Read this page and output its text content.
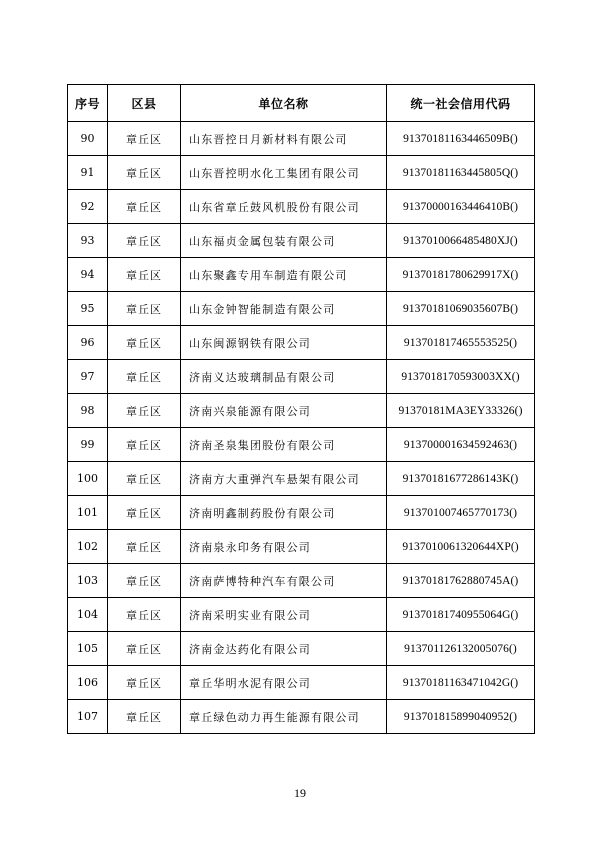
序号	区县	单位名称	统一社会信用代码
90	章丘区	山东晋控日月新材料有限公司	91370181163446509B()
91	章丘区	山东晋控明水化工集团有限公司	91370181163445805Q()
92	章丘区	山东省章丘鼓风机股份有限公司	91370000163446410B()
93	章丘区	山东福贞金属包装有限公司	9137010066485480XJ()
94	章丘区	山东聚鑫专用车制造有限公司	9137018178062991​7X()
95	章丘区	山东金钟智能制造有限公司	91370181069035607B()
96	章丘区	山东闽源钢铁有限公司	913701817465553525()
97	章丘区	济南义达玻璃制品有限公司	913701817059300​3XX()
98	章丘区	济南兴泉能源有限公司	91370181MA3EY33326()
99	章丘区	济南圣泉集团股份有限公司	913700001634592463()
100	章丘区	济南方大重弹汽车悬架有限公司	91370181677286143K()
101	章丘区	济南明鑫制药股份有限公司	913701007465770173()
102	章丘区	济南泉永印务有限公司	9137010061320644XP()
103	章丘区	济南萨博特种汽车有限公司	91370181762880745A()
104	章丘区	济南采明实业有限公司	91370181740955064G()
105	章丘区	济南金达药化有限公司	913701126132005076()
106	章丘区	章丘华明水泥有限公司	91370181163471042G()
107	章丘区	章丘绿色动力再生能源有限公司	913701815899040952()
19
